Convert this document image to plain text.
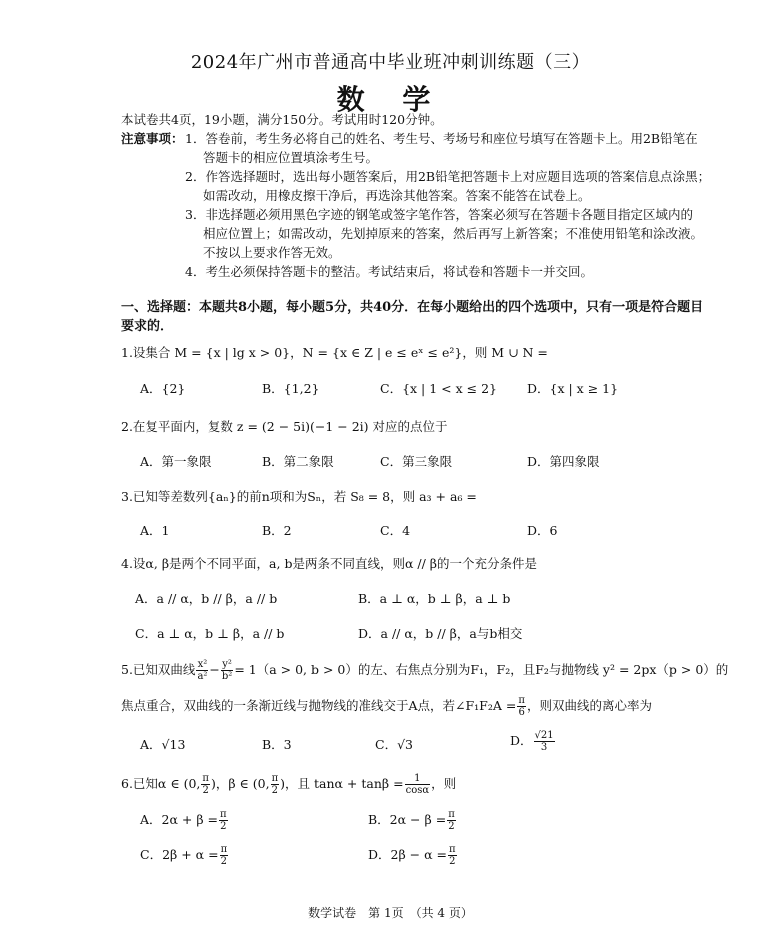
2024年广州市普通高中毕业班冲刺训练题（三）
数 学
本试卷共4页，19小题，满分150分。考试用时120分钟。
注意事项： 1．答卷前，考生务必将自己的姓名、考生号、考场号和座位号填写在答题卡上。用2B铅笔在
答题卡的相应位置填涂考生号。
2．作答选择题时，选出每小题答案后，用2B铅笔把答题卡上对应题目选项的答案信息点涂黑；
如需改动，用橡皮擦干净后，再选涂其他答案。答案不能答在试卷上。
3．非选择题必须用黑色字迹的钢笔或签字笔作答，答案必须写在答题卡各题目指定区域内的
相应位置上；如需改动，先划掉原来的答案，然后再写上新答案；不准使用铅笔和涂改液。
不按以上要求作答无效。
4．考生必须保持答题卡的整洁。考试结束后，将试卷和答题卡一并交回。
一、选择题：本题共8小题，每小题5分，共40分．在每小题给出的四个选项中，只有一项是符合题目
要求的．
1.设集合 M = {x | lg x > 0}，N = {x ∈ Z | e ≤ eˣ ≤ e²}，则 M ∪ N =
A．{2}	B．{1,2}	C．{x | 1 < x ≤ 2} D．{x | x ≥ 1}
2.在复平面内，复数 z = (2 − 5i)(−1 − 2i) 对应的点位于
A．第一象限	B．第二象限	C．第三象限	D．第四象限
3.已知等差数列{aₙ}的前n项和为Sₙ，若 S₈ = 8，则 a₃ + a₆ =
A．1	B．2	C．4	D．6
4.设α, β是两个不同平面，a, b是两条不同直线，则α // β的一个充分条件是
A．a // α，b // β，a // b	B．a ⊥ α，b ⊥ β，a ⊥ b
C．a ⊥ α，b ⊥ β，a // b	D．a // α，b // β，a与b相交
5.已知双曲线 $\frac{\text{x²}}{\text{a²}} - \frac{\text{y²}}{\text{b²}} = 1(a > 0$, b > 0）的左、右焦点分别为F₁，F₂，且F₂与抛物线 y² = 2px（p > 0）的
焦点重合，双曲线的一条渐近线与抛物线的准线交于A点，若∠F₁F₂A = $\frac{\pi}{6}$ ，则双曲线的离心率为
A．√13	B．3	C．√3	D． $\frac{√21}{3}$
6.已知α ∈ (0, $\frac{\pi}{2}$ )，β ∈ (0, $\frac{\pi}{2}$ )，且 $\tan\alpha + \tan\beta = \frac{1}{\cos\alpha}$ ，则
A．$2\alpha + \beta = \frac{\pi}{2}$	B．$2\alpha - \beta = \frac{\pi}{2}$
C．$2\beta + \alpha = \frac{\pi}{2}$	D．$2\beta - \alpha = \frac{\pi}{2}$
数学试卷　第 1页　（共 4 页）
